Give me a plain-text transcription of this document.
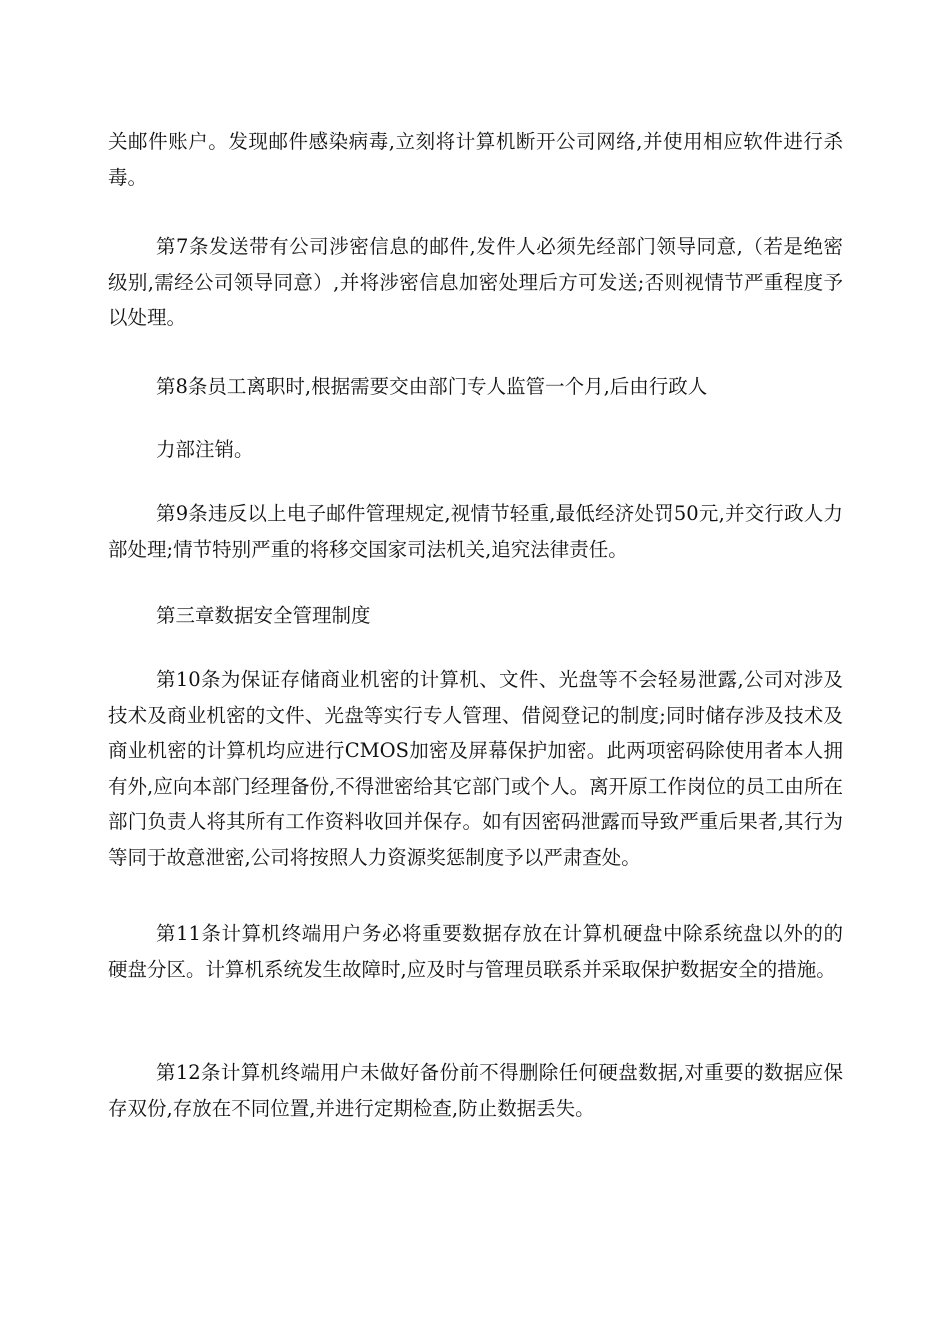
关邮件账户。发现邮件感染病毒,立刻将计算机断开公司网络,并使用相应软件进行杀毒。

第7条发送带有公司涉密信息的邮件,发件人必须先经部门领导同意,（若是绝密级别,需经公司领导同意）,并将涉密信息加密处理后方可发送;否则视情节严重程度予以处理。

第8条员工离职时,根据需要交由部门专人监管一个月,后由行政人

力部注销。

第9条违反以上电子邮件管理规定,视情节轻重,最低经济处罚50元,并交行政人力部处理;情节特别严重的将移交国家司法机关,追究法律责任。

第三章数据安全管理制度

第10条为保证存储商业机密的计算机、文件、光盘等不会轻易泄露,公司对涉及技术及商业机密的文件、光盘等实行专人管理、借阅登记的制度;同时储存涉及技术及商业机密的计算机均应进行CMOS加密及屏幕保护加密。此两项密码除使用者本人拥有外,应向本部门经理备份,不得泄密给其它部门或个人。离开原工作岗位的员工由所在部门负责人将其所有工作资料收回并保存。如有因密码泄露而导致严重后果者,其行为等同于故意泄密,公司将按照人力资源奖惩制度予以严肃查处。

第11条计算机终端用户务必将重要数据存放在计算机硬盘中除系统盘以外的的硬盘分区。计算机系统发生故障时,应及时与管理员联系并采取保护数据安全的措施。

第12条计算机终端用户未做好备份前不得删除任何硬盘数据,对重要的数据应保存双份,存放在不同位置,并进行定期检查,防止数据丢失。
